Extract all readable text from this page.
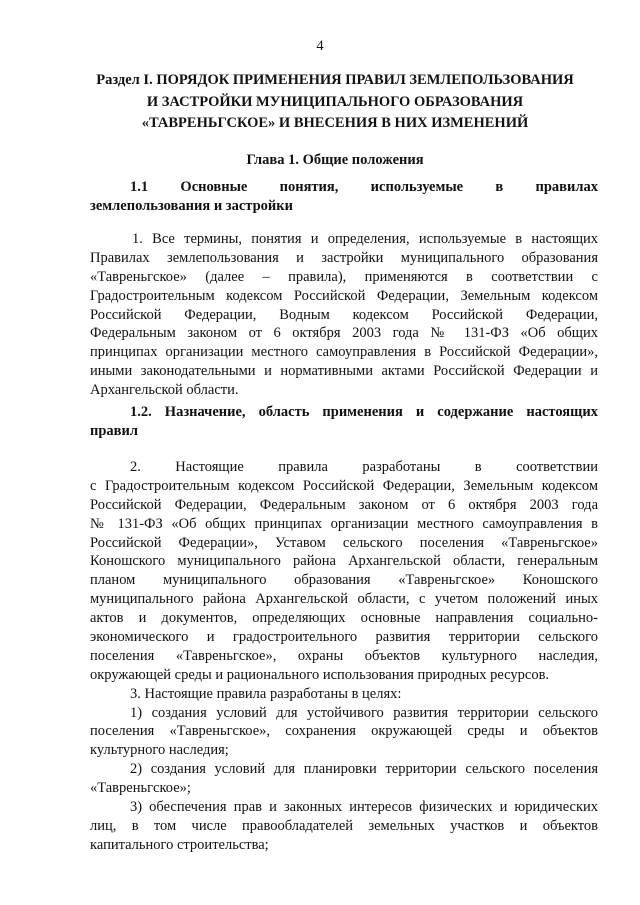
4
Раздел I. ПОРЯДОК ПРИМЕНЕНИЯ ПРАВИЛ ЗЕМЛЕПОЛЬЗОВАНИЯ
И ЗАСТРОЙКИ МУНИЦИПАЛЬНОГО ОБРАЗОВАНИЯ
«ТАВРЕНЬГСКОЕ» И ВНЕСЕНИЯ В НИХ ИЗМЕНЕНИЙ
Глава 1. Общие положения
1.1 Основные понятия, используемые в правилах
землепользования и застройки
1. Все термины, понятия и определения, используемые в настоящих
Правилах землепользования и застройки муниципального образования
«Тавреньгское» (далее – правила), применяются в соответствии с
Градостроительным кодексом Российской Федерации, Земельным кодексом
Российской Федерации, Водным кодексом Российской Федерации,
Федеральным законом от 6 октября 2003 года № 131-ФЗ «Об общих
принципах организации местного самоуправления в Российской Федерации»,
иными законодательными и нормативными актами Российской Федерации и
Архангельской области.
1.2. Назначение, область применения и содержание настоящих
правил
2. Настоящие правила разработаны в соответствии
с Градостроительным кодексом Российской Федерации, Земельным кодексом
Российской Федерации, Федеральным законом от 6 октября 2003 года
№ 131-ФЗ «Об общих принципах организации местного самоуправления в
Российской Федерации», Уставом сельского поселения «Тавреньгское»
Коношского муниципального района Архангельской области, генеральным
планом муниципального образования «Тавреньгское» Коношского
муниципального района Архангельской области, с учетом положений иных
актов и документов, определяющих основные направления социально-
экономического и градостроительного развития территории сельского
поселения «Тавреньгское», охраны объектов культурного наследия,
окружающей среды и рационального использования природных ресурсов.
3. Настоящие правила разработаны в целях:
1) создания условий для устойчивого развития территории сельского
поселения «Тавреньгское», сохранения окружающей среды и объектов
культурного наследия;
2) создания условий для планировки территории сельского поселения
«Тавреньгское»;
3) обеспечения прав и законных интересов физических и юридических
лиц, в том числе правообладателей земельных участков и объектов
капитального строительства;
